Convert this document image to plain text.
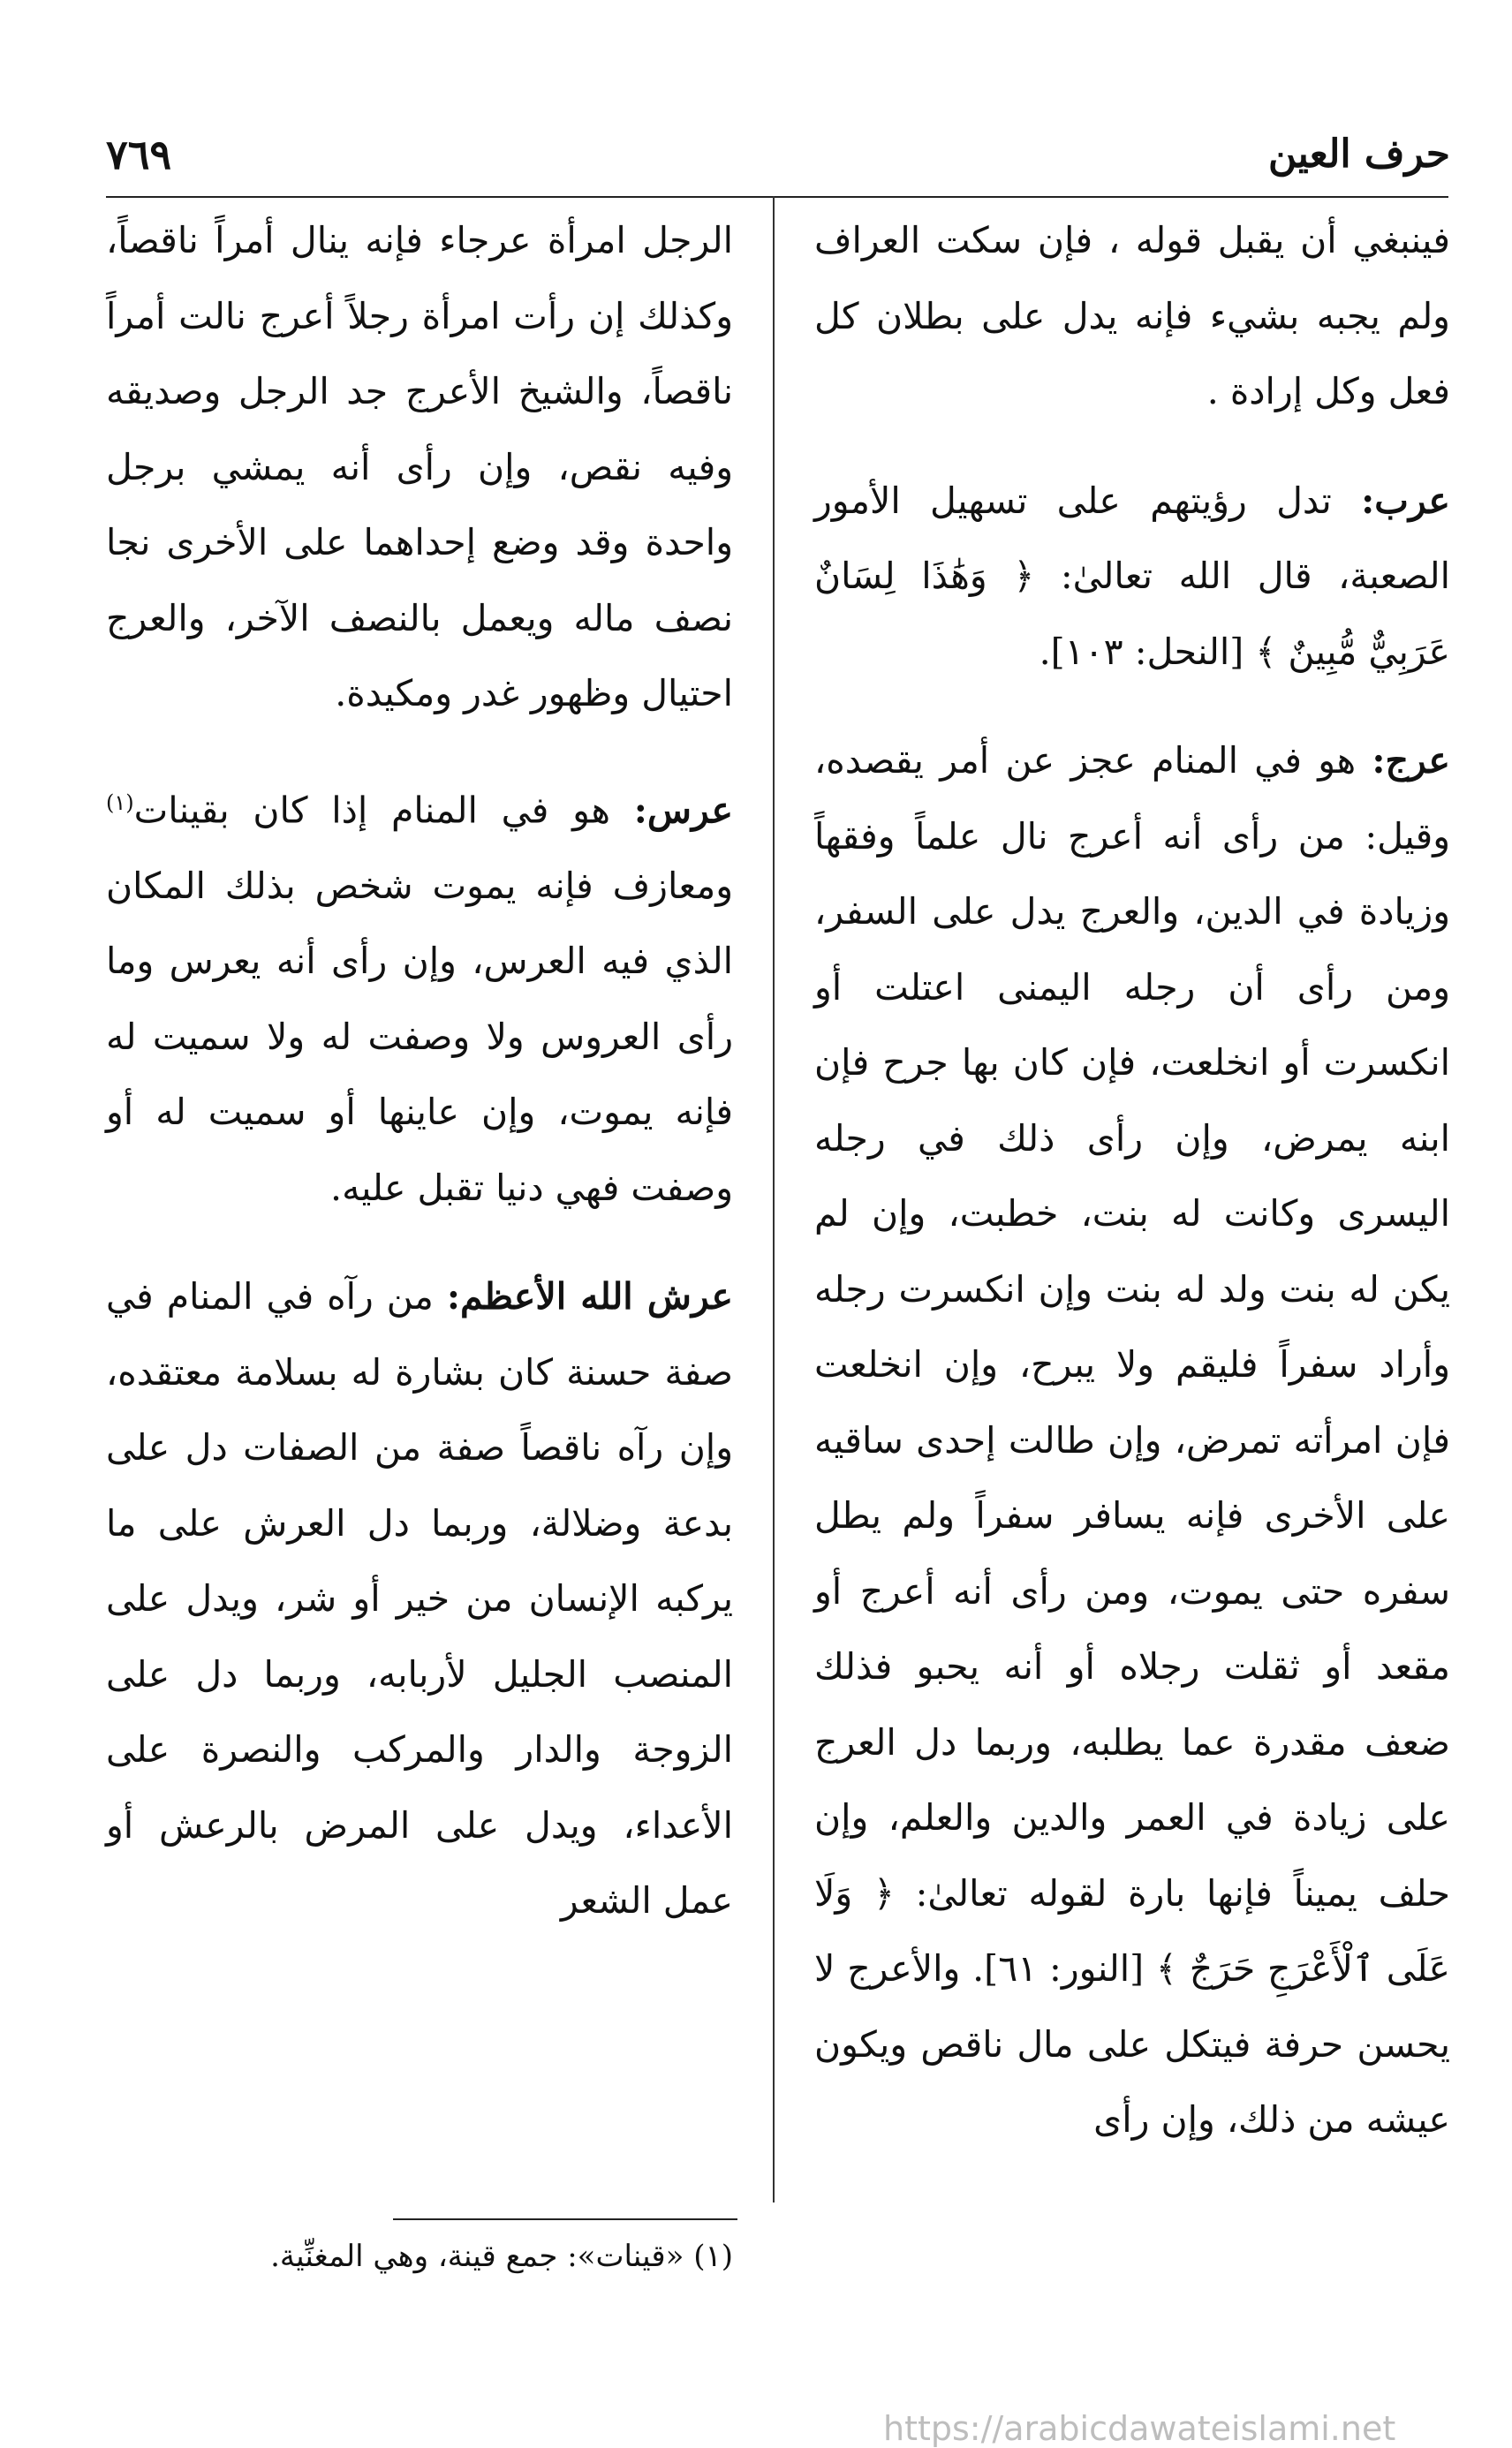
حرف العين
٧٦٩

فينبغي أن يقبل قوله ، فإن سكت العراف ولم يجبه بشيء فإنه يدل على بطلان كل فعل وكل إرادة .

عرب: تدل رؤيتهم على تسهيل الأمور الصعبة، قال الله تعالىٰ: ﴿ وَهَٰذَا لِسَانٌ عَرَبِيٌّ مُّبِينٌ ﴾ [النحل: ١٠٣].

عرج: هو في المنام عجز عن أمر يقصده، وقيل: من رأى أنه أعرج نال علماً وفقهاً وزيادة في الدين، والعرج يدل على السفر، ومن رأى أن رجله اليمنى اعتلت أو انكسرت أو انخلعت، فإن كان بها جرح فإن ابنه يمرض، وإن رأى ذلك في رجله اليسرى وكانت له بنت، خطبت، وإن لم يكن له بنت ولد له بنت وإن انكسرت رجله وأراد سفراً فليقم ولا يبرح، وإن انخلعت فإن امرأته تمرض، وإن طالت إحدى ساقيه على الأخرى فإنه يسافر سفراً ولم يطل سفره حتى يموت، ومن رأى أنه أعرج أو مقعد أو ثقلت رجلاه أو أنه يحبو فذلك ضعف مقدرة عما يطلبه، وربما دل العرج على زيادة في العمر والدين والعلم، وإن حلف يميناً فإنها بارة لقوله تعالىٰ: ﴿ وَلَا عَلَى ٱلْأَعْرَجِ حَرَجٌ ﴾ [النور: ٦١]. والأعرج لا يحسن حرفة فيتكل على مال ناقص ويكون عيشه من ذلك، وإن رأى

الرجل امرأة عرجاء فإنه ينال أمراً ناقصاً، وكذلك إن رأت امرأة رجلاً أعرج نالت أمراً ناقصاً، والشيخ الأعرج جد الرجل وصديقه وفيه نقص، وإن رأى أنه يمشي برجل واحدة وقد وضع إحداهما على الأخرى نجا نصف ماله ويعمل بالنصف الآخر، والعرج احتيال وظهور غدر ومكيدة.

عرس: هو في المنام إذا كان بقينات$^{(١)}$ ومعازف فإنه يموت شخص بذلك المكان الذي فيه العرس، وإن رأى أنه يعرس وما رأى العروس ولا وصفت له ولا سميت له فإنه يموت، وإن عاينها أو سميت له أو وصفت فهي دنيا تقبل عليه.

عرش الله الأعظم: من رآه في المنام في صفة حسنة كان بشارة له بسلامة معتقده، وإن رآه ناقصاً صفة من الصفات دل على بدعة وضلالة، وربما دل العرش على ما يركبه الإنسان من خير أو شر، ويدل على المنصب الجليل لأربابه، وربما دل على الزوجة والدار والمركب والنصرة على الأعداء، ويدل على المرض بالرعش أو عمل الشعر

(١) «قينات»: جمع قينة، وهي المغنِّية.
https://arabicdawateislami.net
